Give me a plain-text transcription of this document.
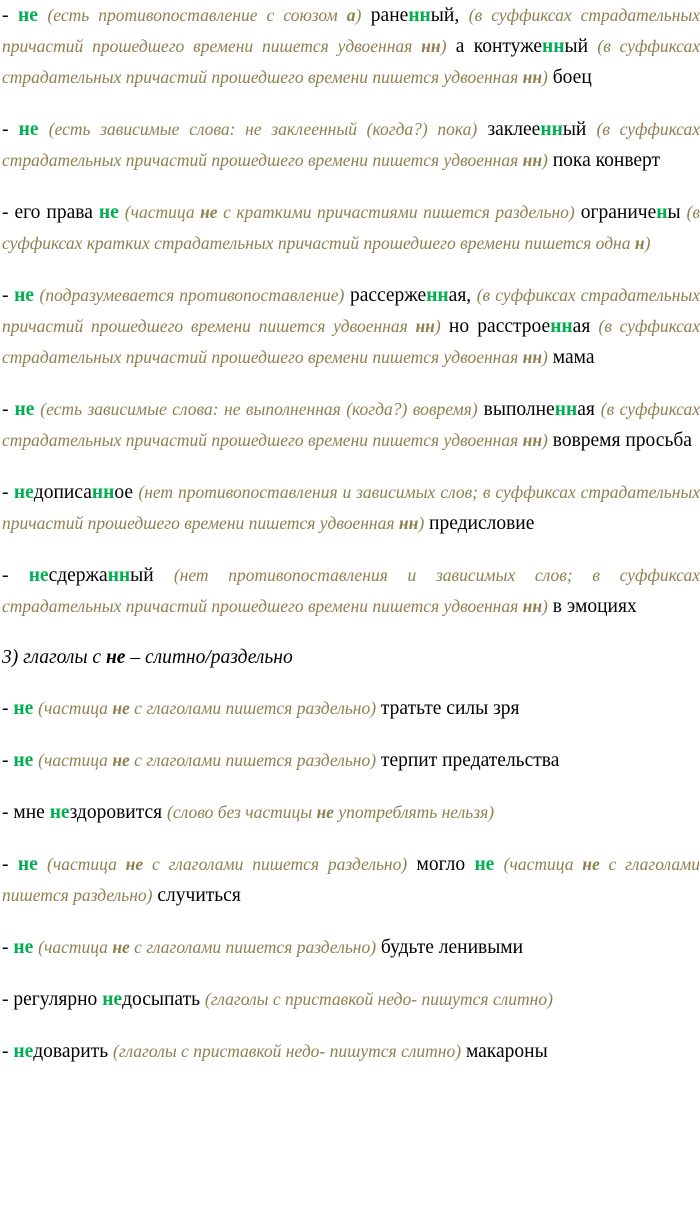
- не (есть противопоставление с союзом а) раненный, (в суффиксах страдательных причастий прошедшего времени пишется удвоенная нн) а контуженный (в суффиксах страдательных причастий прошедшего времени пишется удвоенная нн) боец

- не (есть зависимые слова: не заклеенный (когда?) пока) заклеенный (в суффиксах страдательных причастий прошедшего времени пишется удвоенная нн) пока конверт

- его права не (частица не с краткими причастиями пишется раздельно) ограничены (в суффиксах кратких страдательных причастий прошедшего времени пишется одна н)

- не (подразумевается противопоставление) рассерженная, (в суффиксах страдательных причастий прошедшего времени пишется удвоенная нн) но расстроенная (в суффиксах страдательных причастий прошедшего времени пишется удвоенная нн) мама

- не (есть зависимые слова: не выполненная (когда?) вовремя) выполненная (в суффиксах страдательных причастий прошедшего времени пишется удвоенная нн) вовремя просьба

- недописанное (нет противопоставления и зависимых слов; в суффиксах страдательных причастий прошедшего времени пишется удвоенная нн) предисловие

- несдержанный (нет противопоставления и зависимых слов; в суффиксах страдательных причастий прошедшего времени пишется удвоенная нн) в эмоциях

3) глаголы с не – слитно/раздельно

- не (частица не с глаголами пишется раздельно) тратьте силы зря

- не (частица не с глаголами пишется раздельно) терпит предательства

- мне нездоровится (слово без частицы не употреблять нельзя)

- не (частица не с глаголами пишется раздельно) могло не (частица не с глаголами пишется раздельно) случиться

- не (частица не с глаголами пишется раздельно) будьте ленивыми

- регулярно недосыпать (глаголы с приставкой недо- пишутся слитно)

- недоварить (глаголы с приставкой недо- пишутся слитно) макароны
